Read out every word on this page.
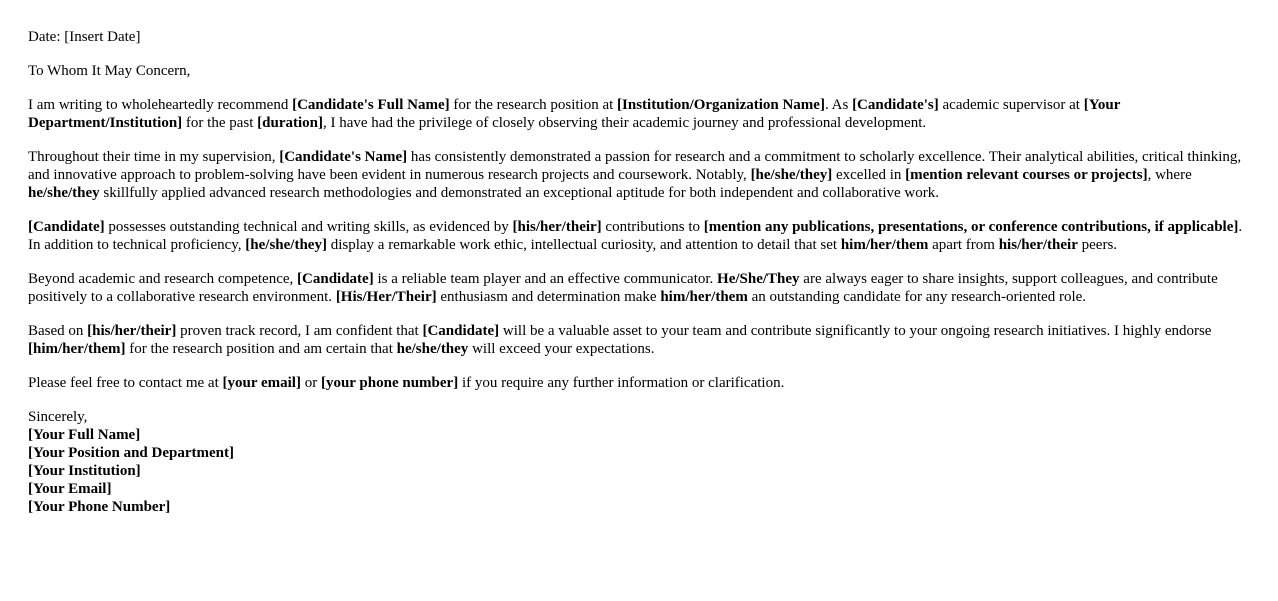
Date: [Insert Date]

To Whom It May Concern,

I am writing to wholeheartedly recommend [Candidate's Full Name] for the research position at [Institution/Organization Name]. As [Candidate's] academic supervisor at [Your Department/Institution] for the past [duration], I have had the privilege of closely observing their academic journey and professional development.

Throughout their time in my supervision, [Candidate's Name] has consistently demonstrated a passion for research and a commitment to scholarly excellence. Their analytical abilities, critical thinking, and innovative approach to problem-solving have been evident in numerous research projects and coursework. Notably, [he/she/they] excelled in [mention relevant courses or projects], where he/she/they skillfully applied advanced research methodologies and demonstrated an exceptional aptitude for both independent and collaborative work.

[Candidate] possesses outstanding technical and writing skills, as evidenced by [his/her/their] contributions to [mention any publications, presentations, or conference contributions, if applicable]. In addition to technical proficiency, [he/she/they] display a remarkable work ethic, intellectual curiosity, and attention to detail that set him/her/them apart from his/her/their peers.

Beyond academic and research competence, [Candidate] is a reliable team player and an effective communicator. He/She/They are always eager to share insights, support colleagues, and contribute positively to a collaborative research environment. [His/Her/Their] enthusiasm and determination make him/her/them an outstanding candidate for any research-oriented role.

Based on [his/her/their] proven track record, I am confident that [Candidate] will be a valuable asset to your team and contribute significantly to your ongoing research initiatives. I highly endorse [him/her/them] for the research position and am certain that he/she/they will exceed your expectations.

Please feel free to contact me at [your email] or [your phone number] if you require any further information or clarification.

Sincerely,
[Your Full Name]
[Your Position and Department]
[Your Institution]
[Your Email]
[Your Phone Number]
